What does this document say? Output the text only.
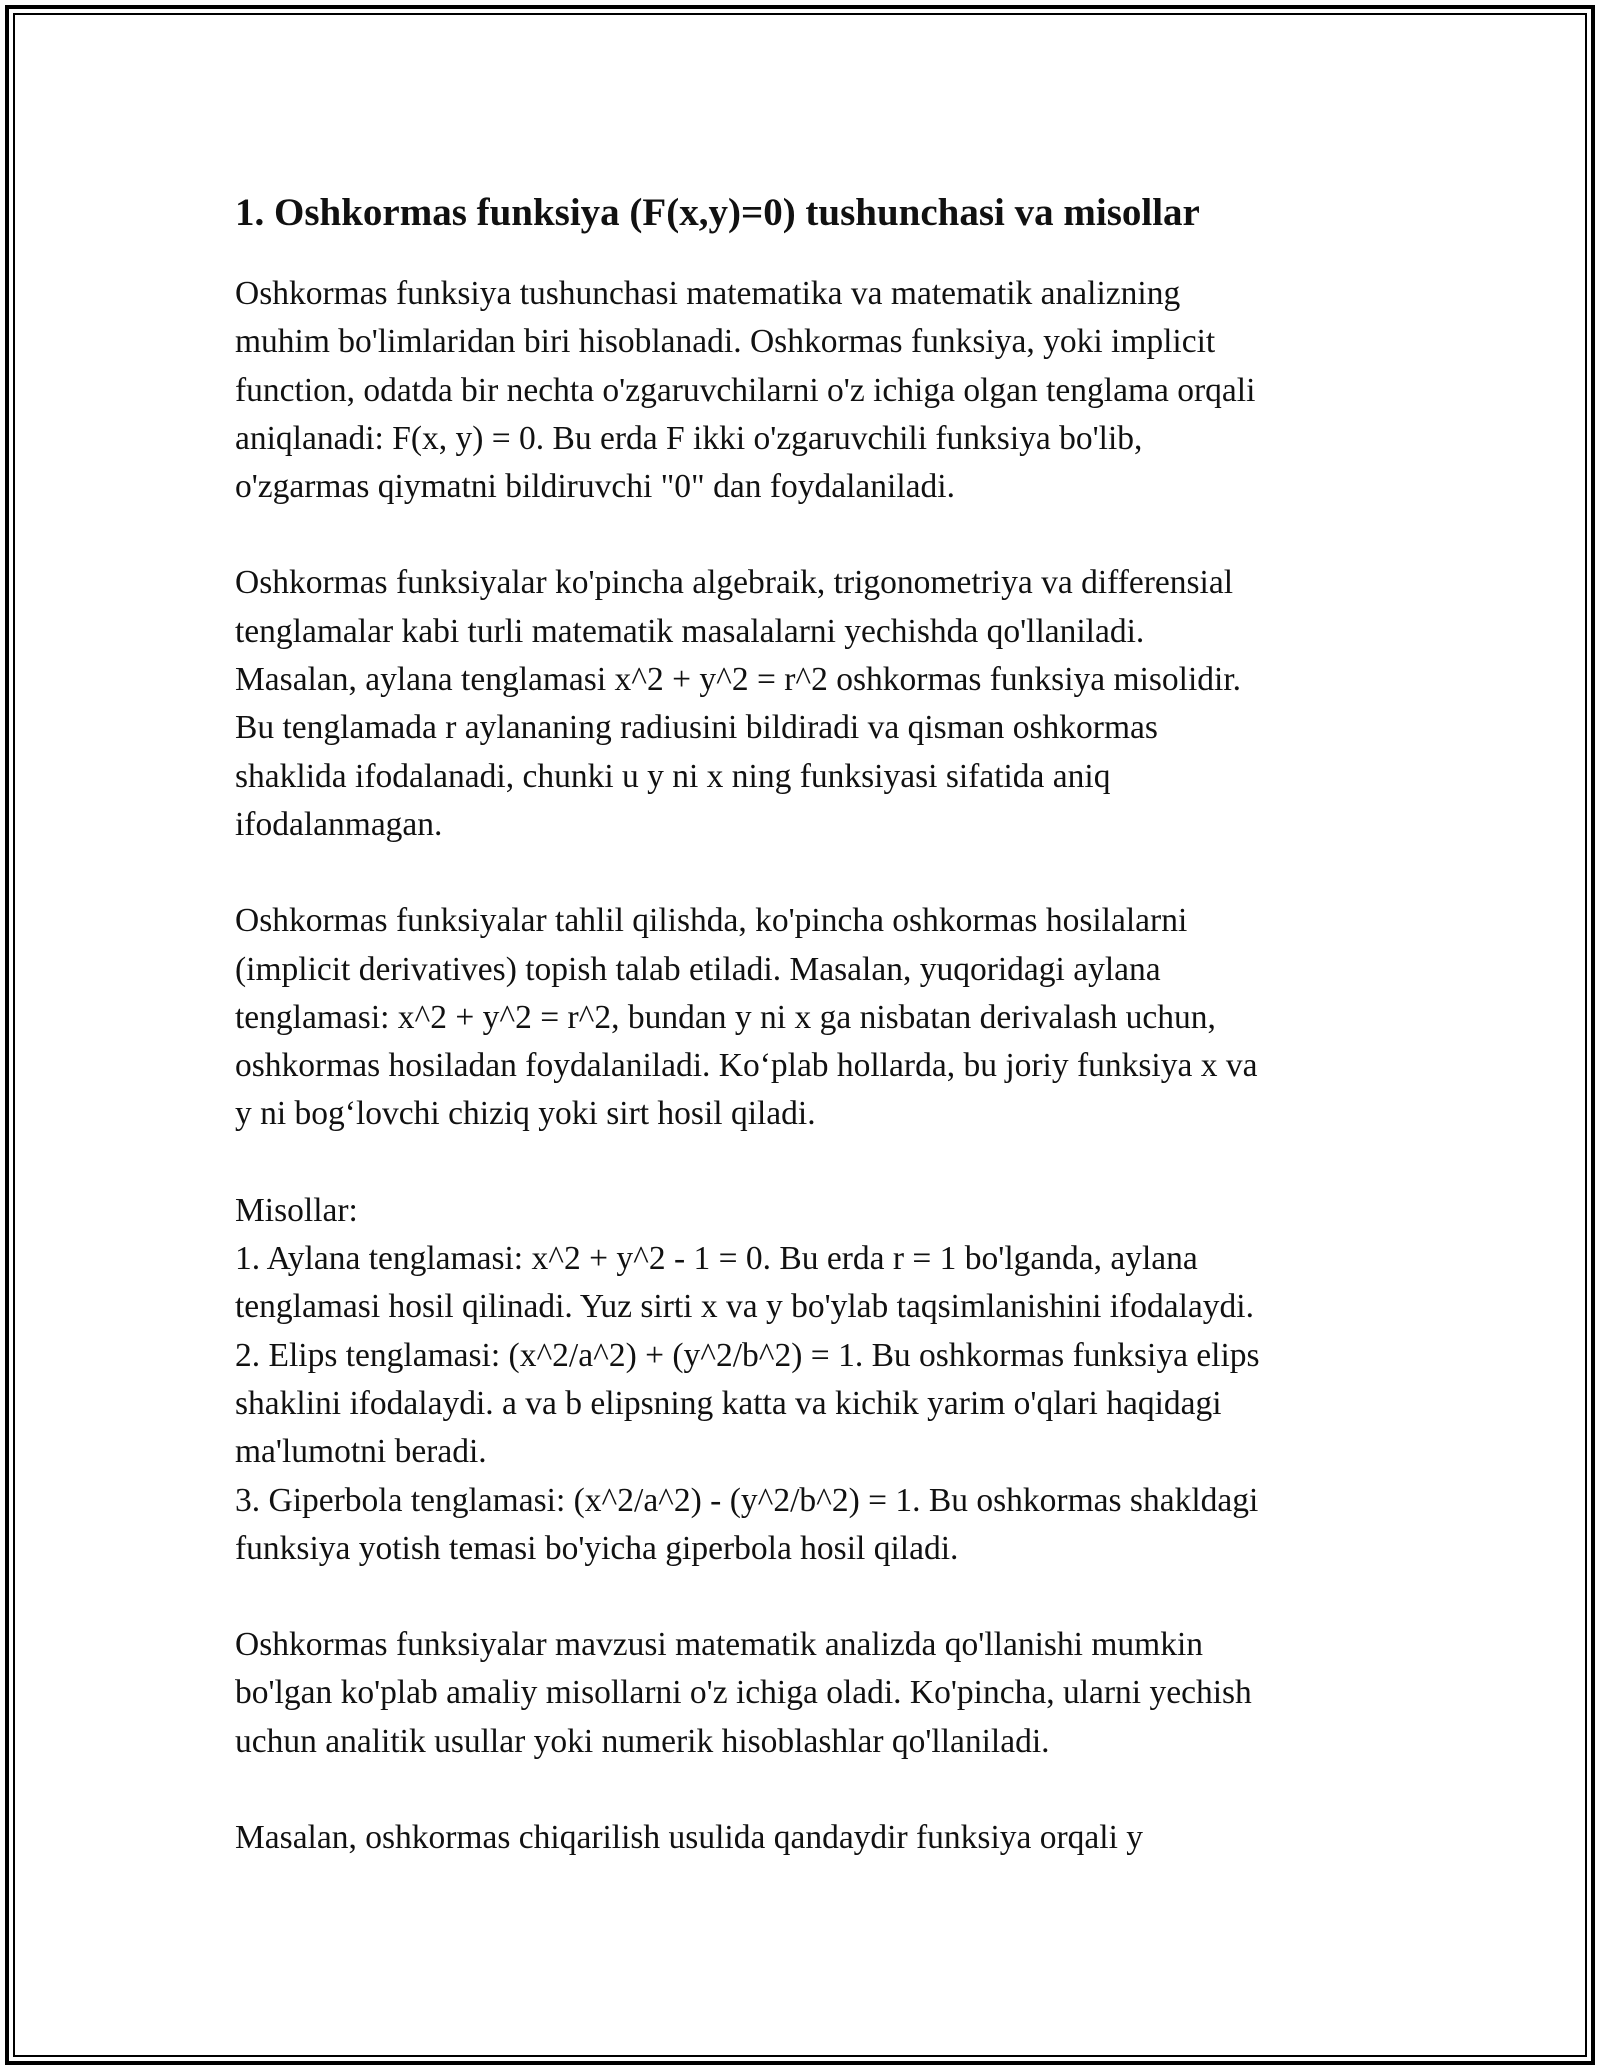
1. Oshkormas funksiya (F(x,y)=0) tushunchasi va misollar

Oshkormas funksiya tushunchasi matematika va matematik analizning
muhim bo'limlaridan biri hisoblanadi. Oshkormas funksiya, yoki implicit
function, odatda bir nechta o'zgaruvchilarni o'z ichiga olgan tenglama orqali
aniqlanadi: F(x, y) = 0. Bu erda F ikki o'zgaruvchili funksiya bo'lib,
o'zgarmas qiymatni bildiruvchi "0" dan foydalaniladi.

Oshkormas funksiyalar ko'pincha algebraik, trigonometriya va differensial
tenglamalar kabi turli matematik masalalarni yechishda qo'llaniladi.
Masalan, aylana tenglamasi x^2 + y^2 = r^2 oshkormas funksiya misolidir.
Bu tenglamada r aylananing radiusini bildiradi va qisman oshkormas
shaklida ifodalanadi, chunki u y ni x ning funksiyasi sifatida aniq
ifodalanmagan.

Oshkormas funksiyalar tahlil qilishda, ko'pincha oshkormas hosilalarni
(implicit derivatives) topish talab etiladi. Masalan, yuqoridagi aylana
tenglamasi: x^2 + y^2 = r^2, bundan y ni x ga nisbatan derivalash uchun,
oshkormas hosiladan foydalaniladi. Ko‘plab hollarda, bu joriy funksiya x va
y ni bog‘lovchi chiziq yoki sirt hosil qiladi.

Misollar:
1. Aylana tenglamasi: x^2 + y^2 - 1 = 0. Bu erda r = 1 bo'lganda, aylana
tenglamasi hosil qilinadi. Yuz sirti x va y bo'ylab taqsimlanishini ifodalaydi.
2. Elips tenglamasi: (x^2/a^2) + (y^2/b^2) = 1. Bu oshkormas funksiya elips
shaklini ifodalaydi. a va b elipsning katta va kichik yarim o'qlari haqidagi
ma'lumotni beradi.
3. Giperbola tenglamasi: (x^2/a^2) - (y^2/b^2) = 1. Bu oshkormas shakldagi
funksiya yotish temasi bo'yicha giperbola hosil qiladi.

Oshkormas funksiyalar mavzusi matematik analizda qo'llanishi mumkin
bo'lgan ko'plab amaliy misollarni o'z ichiga oladi. Ko'pincha, ularni yechish
uchun analitik usullar yoki numerik hisoblashlar qo'llaniladi.

Masalan, oshkormas chiqarilish usulida qandaydir funksiya orqali y
